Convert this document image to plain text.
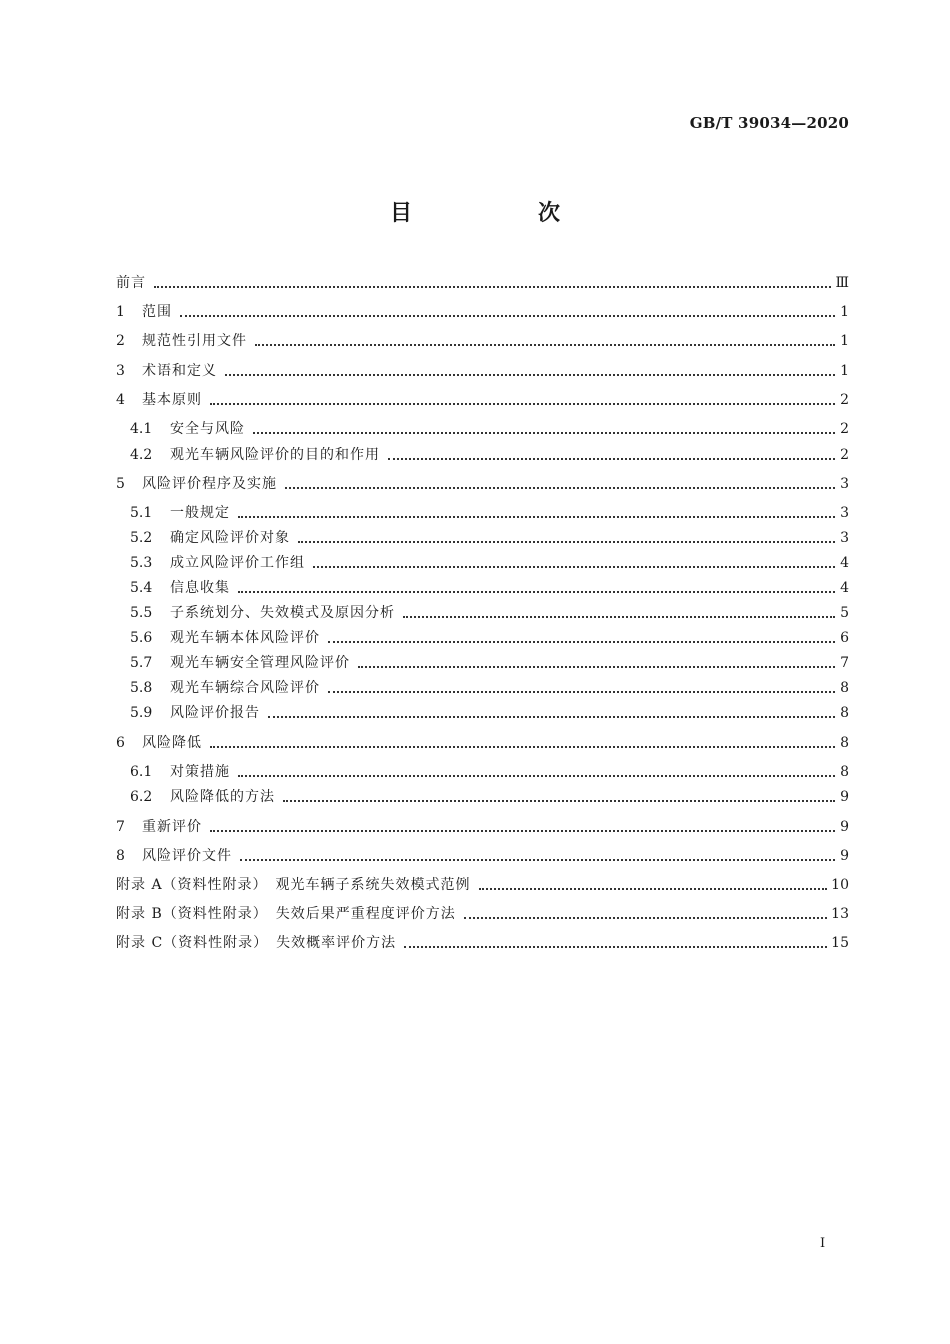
GB/T 39034—2020
目　次
前言	Ⅲ
1	范围	1
2	规范性引用文件	1
3	术语和定义	1
4	基本原则	2
4.1	安全与风险	2
4.2	观光车辆风险评价的目的和作用	2
5	风险评价程序及实施	3
5.1	一般规定	3
5.2	确定风险评价对象	3
5.3	成立风险评价工作组	4
5.4	信息收集	4
5.5	子系统划分、失效模式及原因分析	5
5.6	观光车辆本体风险评价	6
5.7	观光车辆安全管理风险评价	7
5.8	观光车辆综合风险评价	8
5.9	风险评价报告	8
6	风险降低	8
6.1	对策措施	8
6.2	风险降低的方法	9
7	重新评价	9
8	风险评价文件	9
附录 A（资料性附录）　观光车辆子系统失效模式范例	10
附录 B（资料性附录）　失效后果严重程度评价方法	13
附录 C（资料性附录）　失效概率评价方法	15
I
